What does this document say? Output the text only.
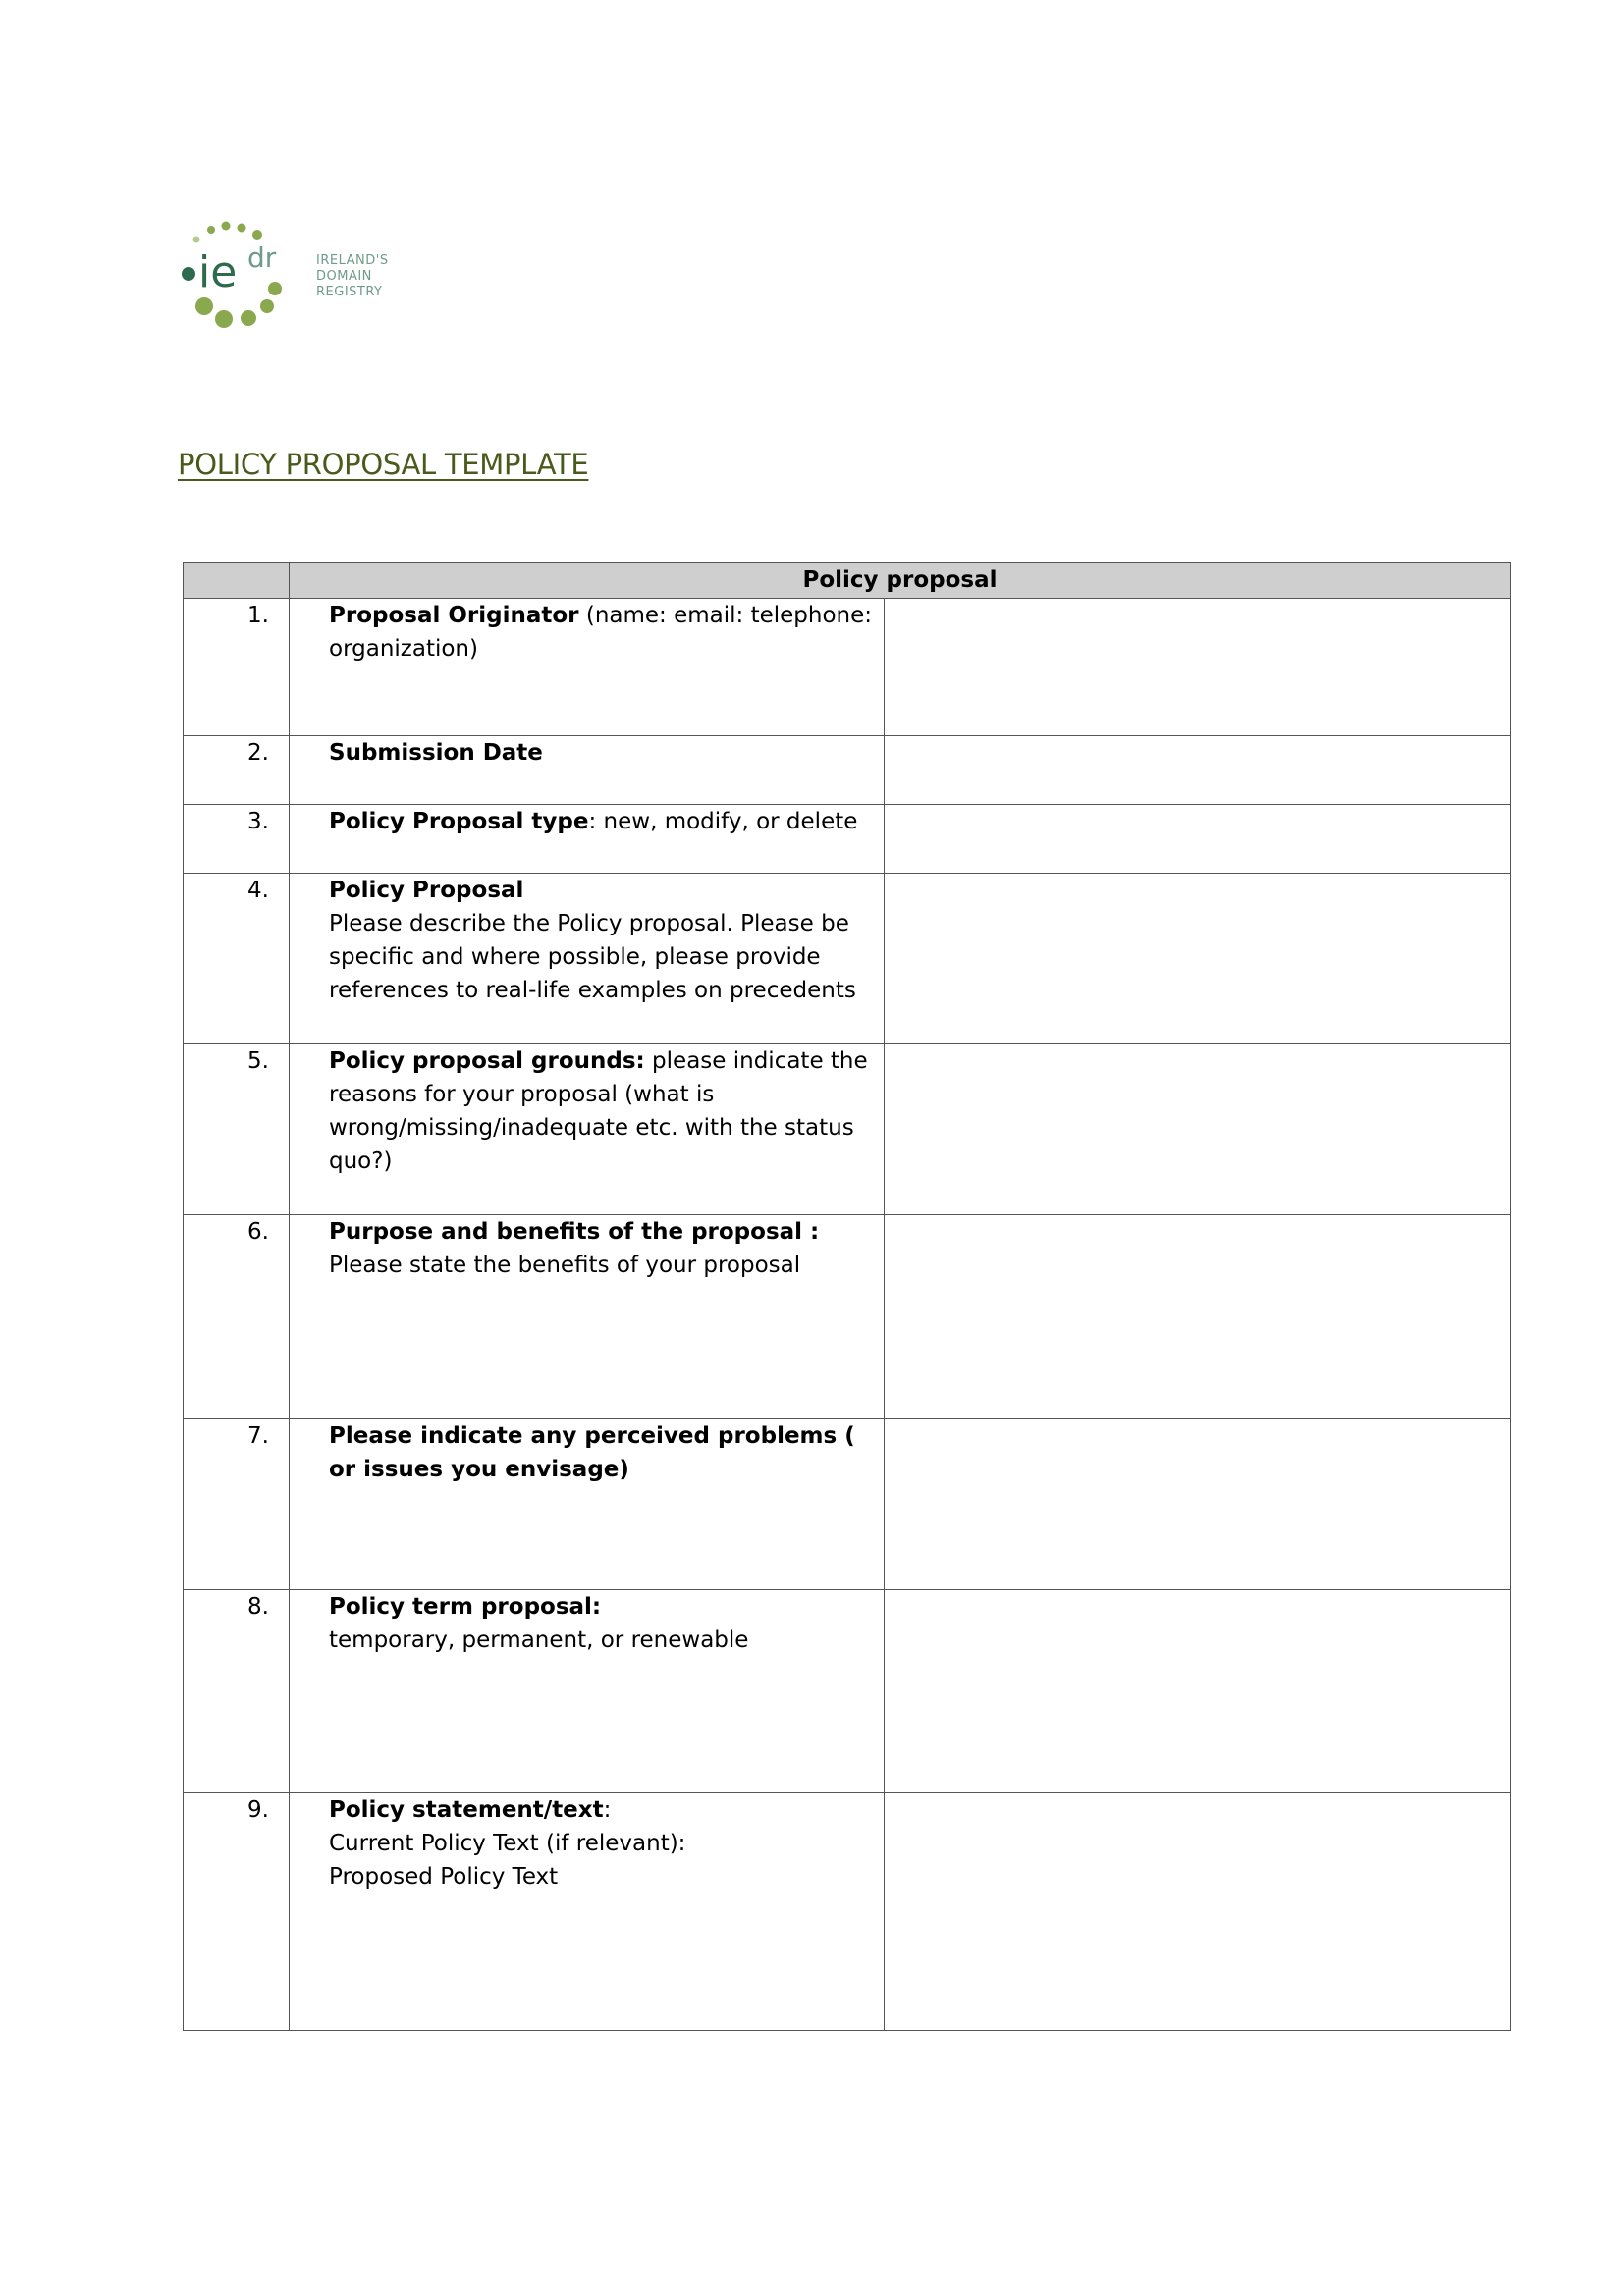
ie dr	IRELAND'S
DOMAIN
REGISTRY
POLICY PROPOSAL TEMPLATE
	Policy proposal	
1.	Proposal Originator (name: email: telephone: organization)	

2.	Submission Date	

3.	Policy Proposal type: new, modify, or delete	

4.	Policy Proposal
Please describe the Policy proposal. Please be specific and where possible, please provide references to real-life examples on precedents	

5.	Policy proposal grounds: please indicate the reasons for your proposal (what is wrong/missing/inadequate etc. with the status quo?)	

6.	Purpose and benefits of the proposal :
Please state the benefits of your proposal	

7.	Please indicate any perceived problems ( or issues you envisage)	

8.	Policy term proposal:
temporary, permanent, or renewable	

9.	Policy statement/text:
Current Policy Text (if relevant):
Proposed Policy Text	
